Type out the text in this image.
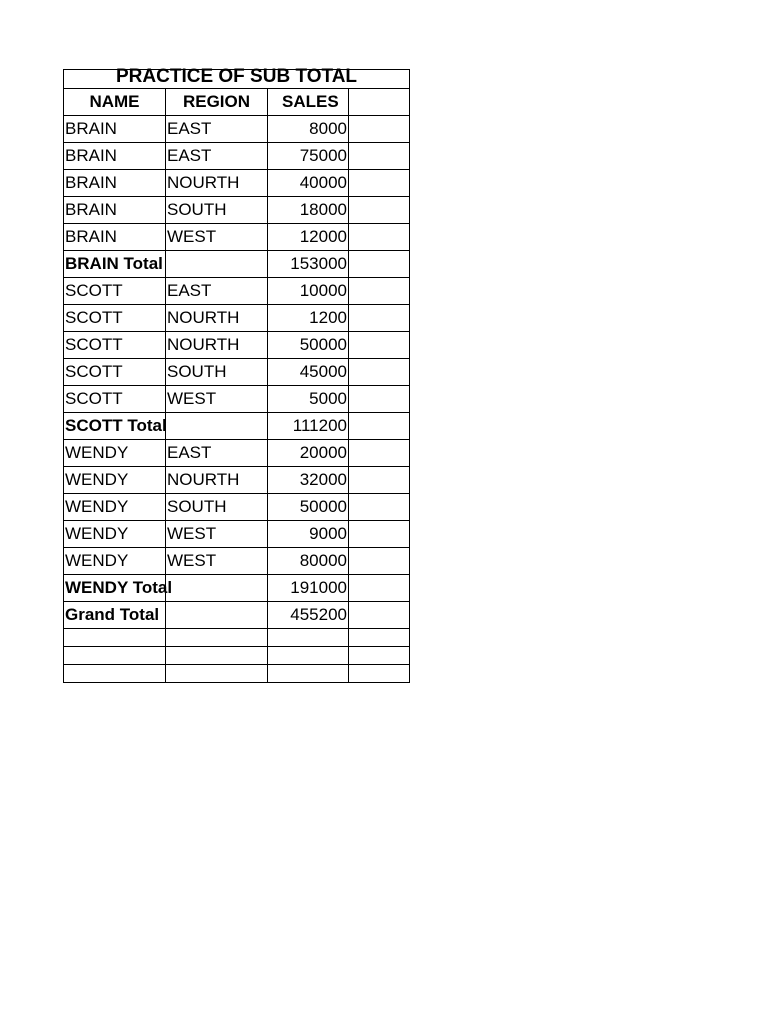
PRACTICE OF SUB TOTAL			
NAME	REGION	SALES	
BRAIN	EAST	8000	
BRAIN	EAST	75000	
BRAIN	NOURTH	40000	
BRAIN	SOUTH	18000	
BRAIN	WEST	12000	
BRAIN Total		153000	
SCOTT	EAST	10000	
SCOTT	NOURTH	1200	
SCOTT	NOURTH	50000	
SCOTT	SOUTH	45000	
SCOTT	WEST	5000	
SCOTT Total		111200	
WENDY	EAST	20000	
WENDY	NOURTH	32000	
WENDY	SOUTH	50000	
WENDY	WEST	9000	
WENDY	WEST	80000	
WENDY Total		191000	
Grand Total		455200	
